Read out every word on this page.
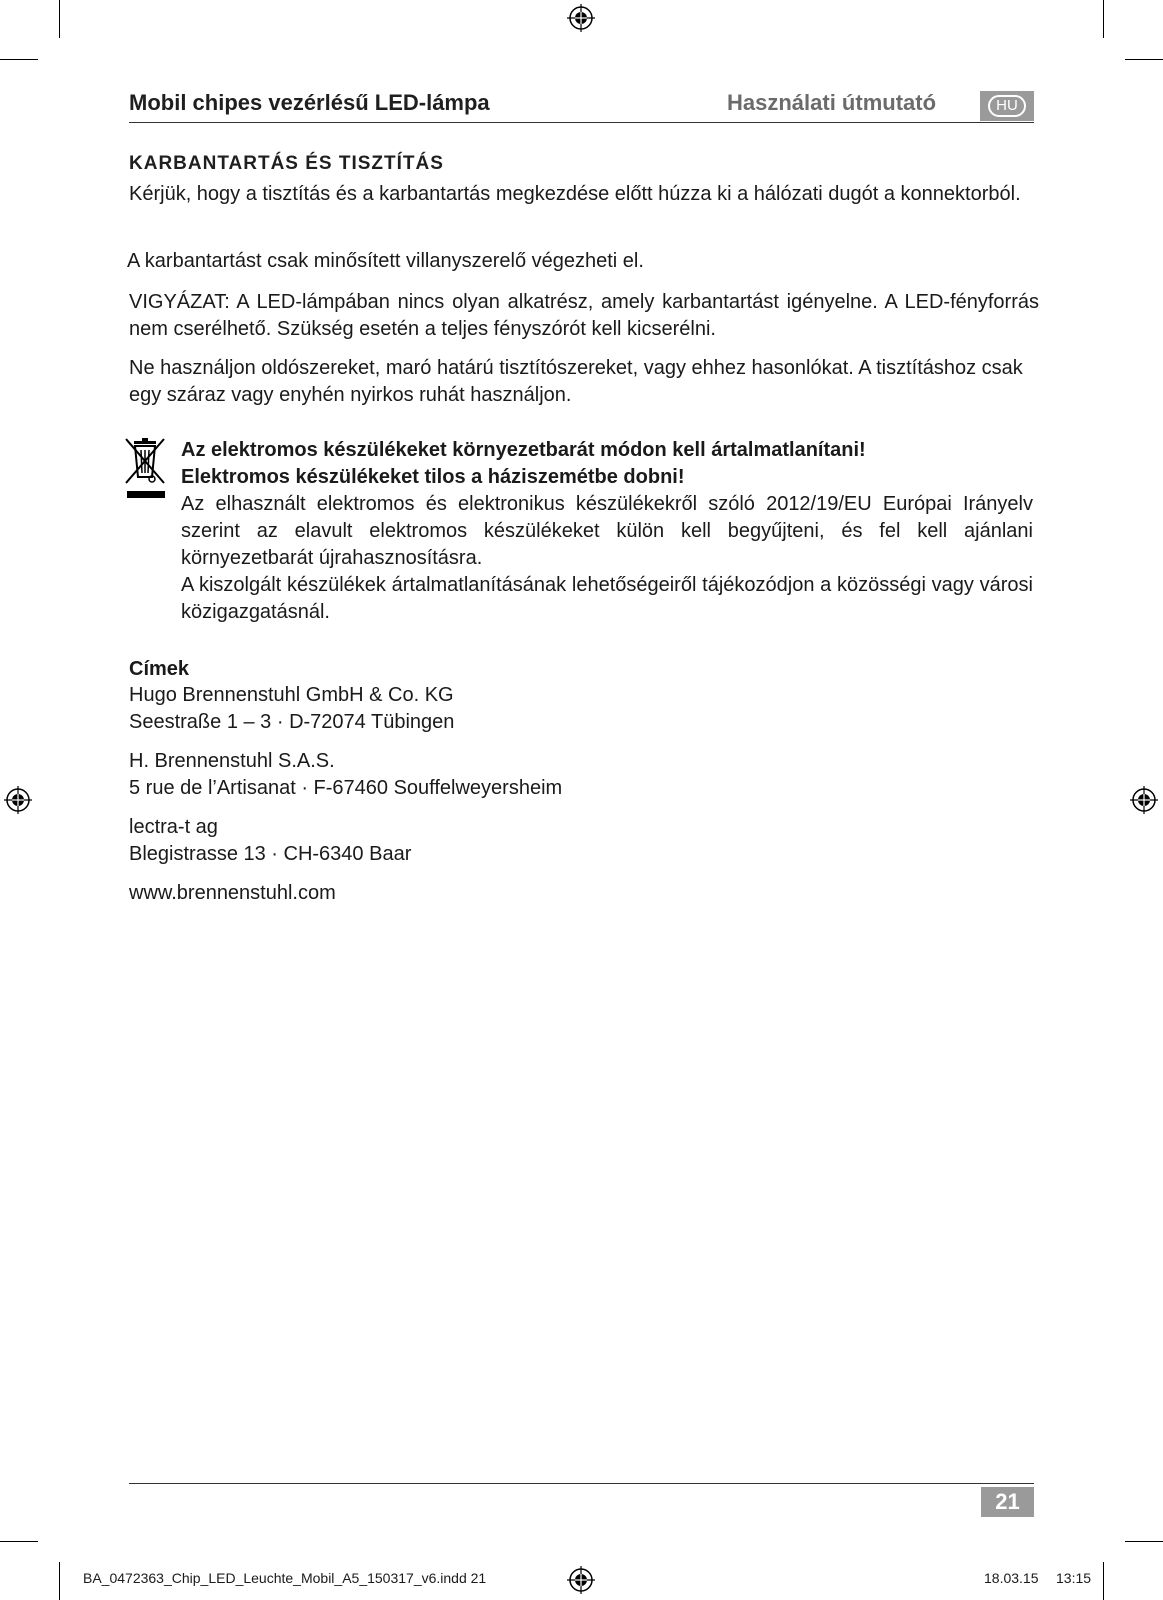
Mobil chipes vezérlésű LED-lámpa	Használati útmutató	HU
KARBANTARTÁS ÉS TISZTÍTÁS
Kérjük, hogy a tisztítás és a karbantartás megkezdése előtt húzza ki a hálózati dugót a konnektorból.
A karbantartást csak minősített villanyszerelő végezheti el.
VIGYÁZAT: A LED-lámpában nincs olyan alkatrész, amely karbantartást igényelne. A LED-fényforrás nem cserélhető. Szükség esetén a teljes fényszórót kell kicserélni.
Ne használjon oldószereket, maró határú tisztítószereket, vagy ehhez hasonlókat. A tisztításhoz csak egy száraz vagy enyhén nyirkos ruhát használjon.
Az elektromos készülékeket környezetbarát módon kell ártalmatlanítani!
Elektromos készülékeket tilos a háziszemétbe dobni!
Az elhasznált elektromos és elektronikus készülékekről szóló 2012/19/EU Európai Irányelv szerint az elavult elektromos készülékeket külön kell begyűjteni, és fel kell ajánlani környezetbarát újrahasznosításra.
A kiszolgált készülékek ártalmatlanításának lehetőségeiről tájékozódjon a közösségi vagy városi közigazgatásnál.
Címek
Hugo Brennenstuhl GmbH & Co. KG
Seestraße 1 – 3 · D-72074 Tübingen
H. Brennenstuhl S.A.S.
5 rue de l’Artisanat · F-67460 Souffelweyersheim
lectra-t ag
Blegistrasse 13 · CH-6340 Baar
www.brennenstuhl.com
21
BA_0472363_Chip_LED_Leuchte_Mobil_A5_150317_v6.indd 21	18.03.15 13:15
